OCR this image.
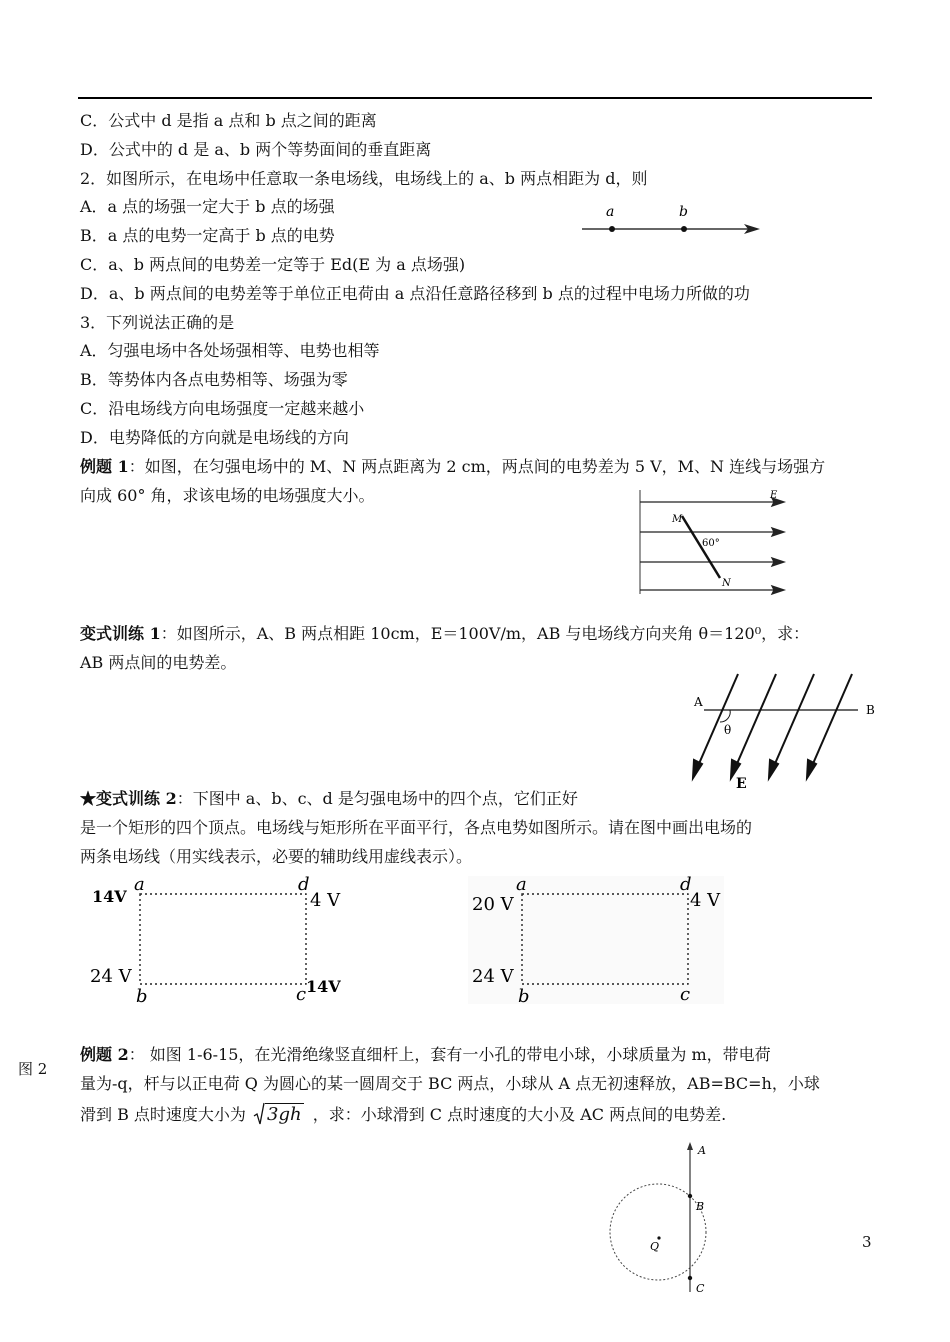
C．公式中 d 是指 a 点和 b 点之间的距离
D．公式中的 d 是 a、b 两个等势面间的垂直距离
2．如图所示，在电场中任意取一条电场线，电场线上的 a、b 两点相距为 d，则
A．a 点的场强一定大于 b 点的场强
B．a 点的电势一定高于 b 点的电势
C．a、b 两点间的电势差一定等于 Ed(E 为 a 点场强)
D．a、b 两点间的电势差等于单位正电荷由 a 点沿任意路径移到 b 点的过程中电场力所做的功
3．下列说法正确的是
A．匀强电场中各处场强相等、电势也相等
B．等势体内各点电势相等、场强为零
C．沿电场线方向电场强度一定越来越小
D．电势降低的方向就是电场线的方向
例题 1：如图，在匀强电场中的 M、N 两点距离为 2 cm，两点间的电势差为 5 V，M、N 连线与场强方
向成 60° 角，求该电场的电场强度大小。
变式训练 1：如图所示，A、B 两点相距 10cm，E＝100V/m，AB 与电场线方向夹角 θ＝120⁰，求：
AB 两点间的电势差。
★变式训练 2：下图中 a、b、c、d 是匀强电场中的四个点，它们正好
是一个矩形的四个顶点。电场线与矩形所在平面平行，各点电势如图所示。请在图中画出电场的
两条电场线（用实线表示，必要的辅助线用虚线表示）。
例题 2： 如图 1-6-15，在光滑绝缘竖直细杆上，套有一小孔的带电小球，小球质量为 m，带电荷
量为-q，杆与以正电荷 Q 为圆心的某一圆周交于 BC 两点，小球从 A 点无初速释放，AB=BC=h，小球
滑到 B 点时速度大小为 3gh ，求：小球滑到 C 点时速度的大小及 AC 两点间的电势差.
图 2
3
a	b
E
M
N
60°
A
B
θ
E
a	d
b	c
14V	4 V
24 V	14V
a	d
b	c
20 V	4 V
24 V
A
B
C
Q
